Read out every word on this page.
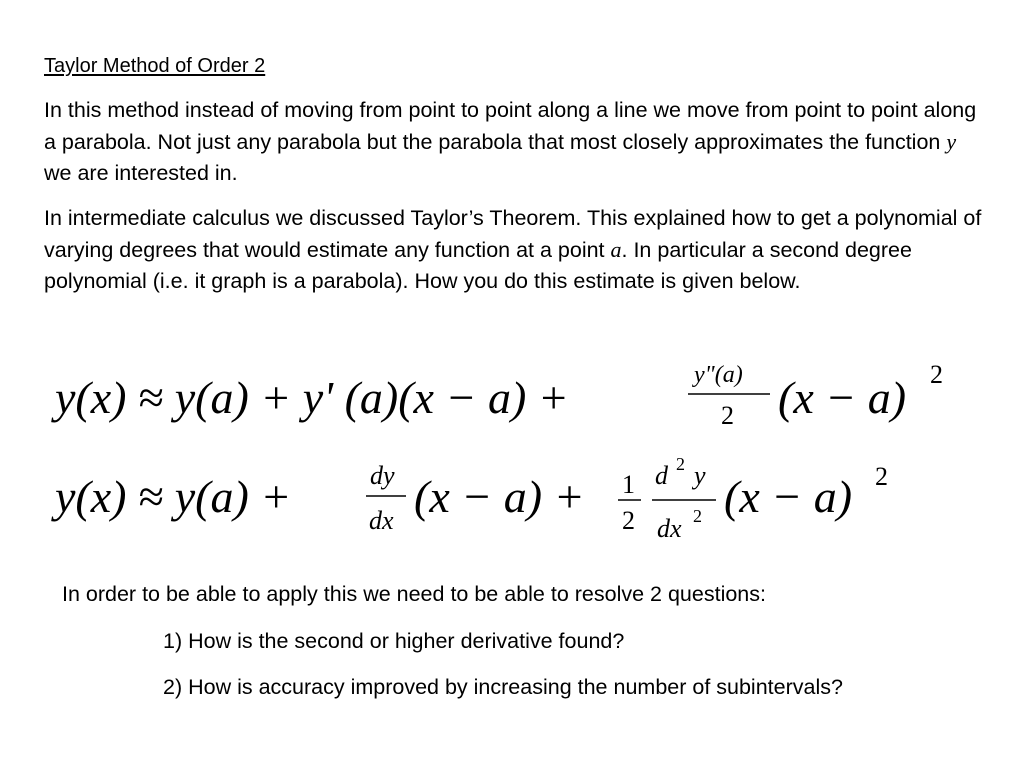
Taylor Method of Order 2

In this method instead of moving from point to point along a line we move from point to point along a parabola. Not just any parabola but the parabola that most closely approximates the function y we are interested in.

In intermediate calculus we discussed Taylor’s Theorem. This explained how to get a polynomial of varying degrees that would estimate any function at a point a. In particular a second degree polynomial (i.e. it graph is a parabola). How you do this estimate is given below.

y(x) ≈ y(a) + y' (a)(x − a) +	y"(a)
2 (x − a) 2
y(x) ≈ y(a) +	dy
dx (x − a) + 1
2
d 2 y
dx 2 (x − a) 2

In order to be able to apply this we need to be able to resolve 2 questions:

1) How is the second or higher derivative found?

2) How is accuracy improved by increasing the number of subintervals?
